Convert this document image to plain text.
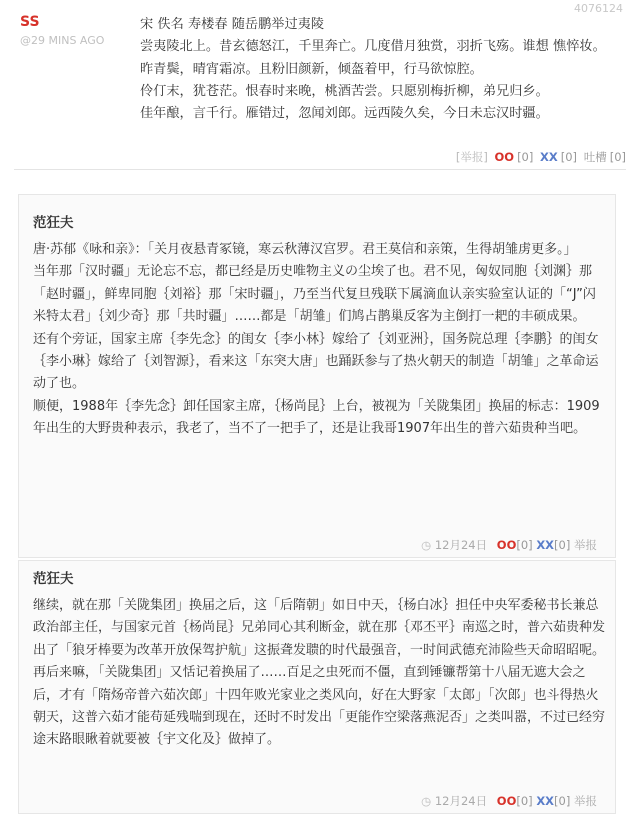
4076124
SS
@29 MINS AGO
宋 佚名 寿楼春 随岳鹏举过夷陵
尝夷陵北上。昔玄德怒江，千里奔亡。几度借月独赏，羽折飞殇。谁想 憔悴妆。
昨青鬓，晴宵霜凉。且粉旧颜新，倾盔着甲，行马欲惊腔。
伶仃末，犹苍茫。恨春时来晚，桃酒苦尝。只愿别梅折柳，弟兄归乡。
佳年酿，言千行。雁错过，忽闻刘郎。远西陵久矣，今日未忘汉时疆。
[举报] OO [0] XX [0] 吐槽 [0]
范狂夫

唐·苏郁《咏和亲》：「关月夜悬青冢镜，寒云秋薄汉宫罗。君王莫信和亲策，生得胡雏虏更多。」

当年那「汉时疆」无论忘不忘，都已经是历史唯物主义の尘埃了也。君不见，匈奴同胞｛刘渊｝那「赵时疆」，鲜卑同胞｛刘裕｝那「宋时疆」，乃至当代复旦残联下属滴血认亲实验室认证的「“J”闪米特太君」｛刘少奇｝那「共时疆」……都是「胡雏」们鸠占鹊巢反客为主倒打一耙的丰硕成果。

还有个旁证，国家主席｛李先念｝的闺女｛李小林｝嫁给了｛刘亚洲｝，国务院总理｛李鹏｝的闺女｛李小琳｝嫁给了｛刘智源｝，看来这「东突大唐」也踊跃参与了热火朝天的制造「胡雏」之革命运动了也。

顺便，1988年｛李先念｝卸任国家主席，｛杨尚昆｝上台，被视为「关陇集团」换届的标志：1909年出生的大野贵种表示，我老了，当不了一把手了，还是让我哥1907年出生的普六茹贵种当吧。

◷ 12月24日 OO[0] XX[0] 举报
范狂夫

继续，就在那「关陇集团」换届之后，这「后隋朝」如日中天，｛杨白冰｝担任中央军委秘书长兼总政治部主任，与国家元首｛杨尚昆｝兄弟同心其利断金，就在那｛邓丕平｝南巡之时，普六茹贵种发出了「狼牙棒要为改革开放保驾护航」这振聋发聩的时代最强音，一时间武德充沛险些天命昭昭呢。

再后来嘛，「关陇集团」又恬记着换届了……百足之虫死而不僵，直到锤镰帮第十八届无遮大会之后，才有「隋炀帝普六茹次郎」十四年败光家业之类风向，好在大野家「太郎」「次郎」也斗得热火朝天，这普六茹才能苟延残喘到现在，还时不时发出「更能作空梁落燕泥否」之类叫嚣，不过已经穷途末路眼瞅着就要被｛宇文化及｝做掉了。

◷ 12月24日 OO[0] XX[0] 举报
